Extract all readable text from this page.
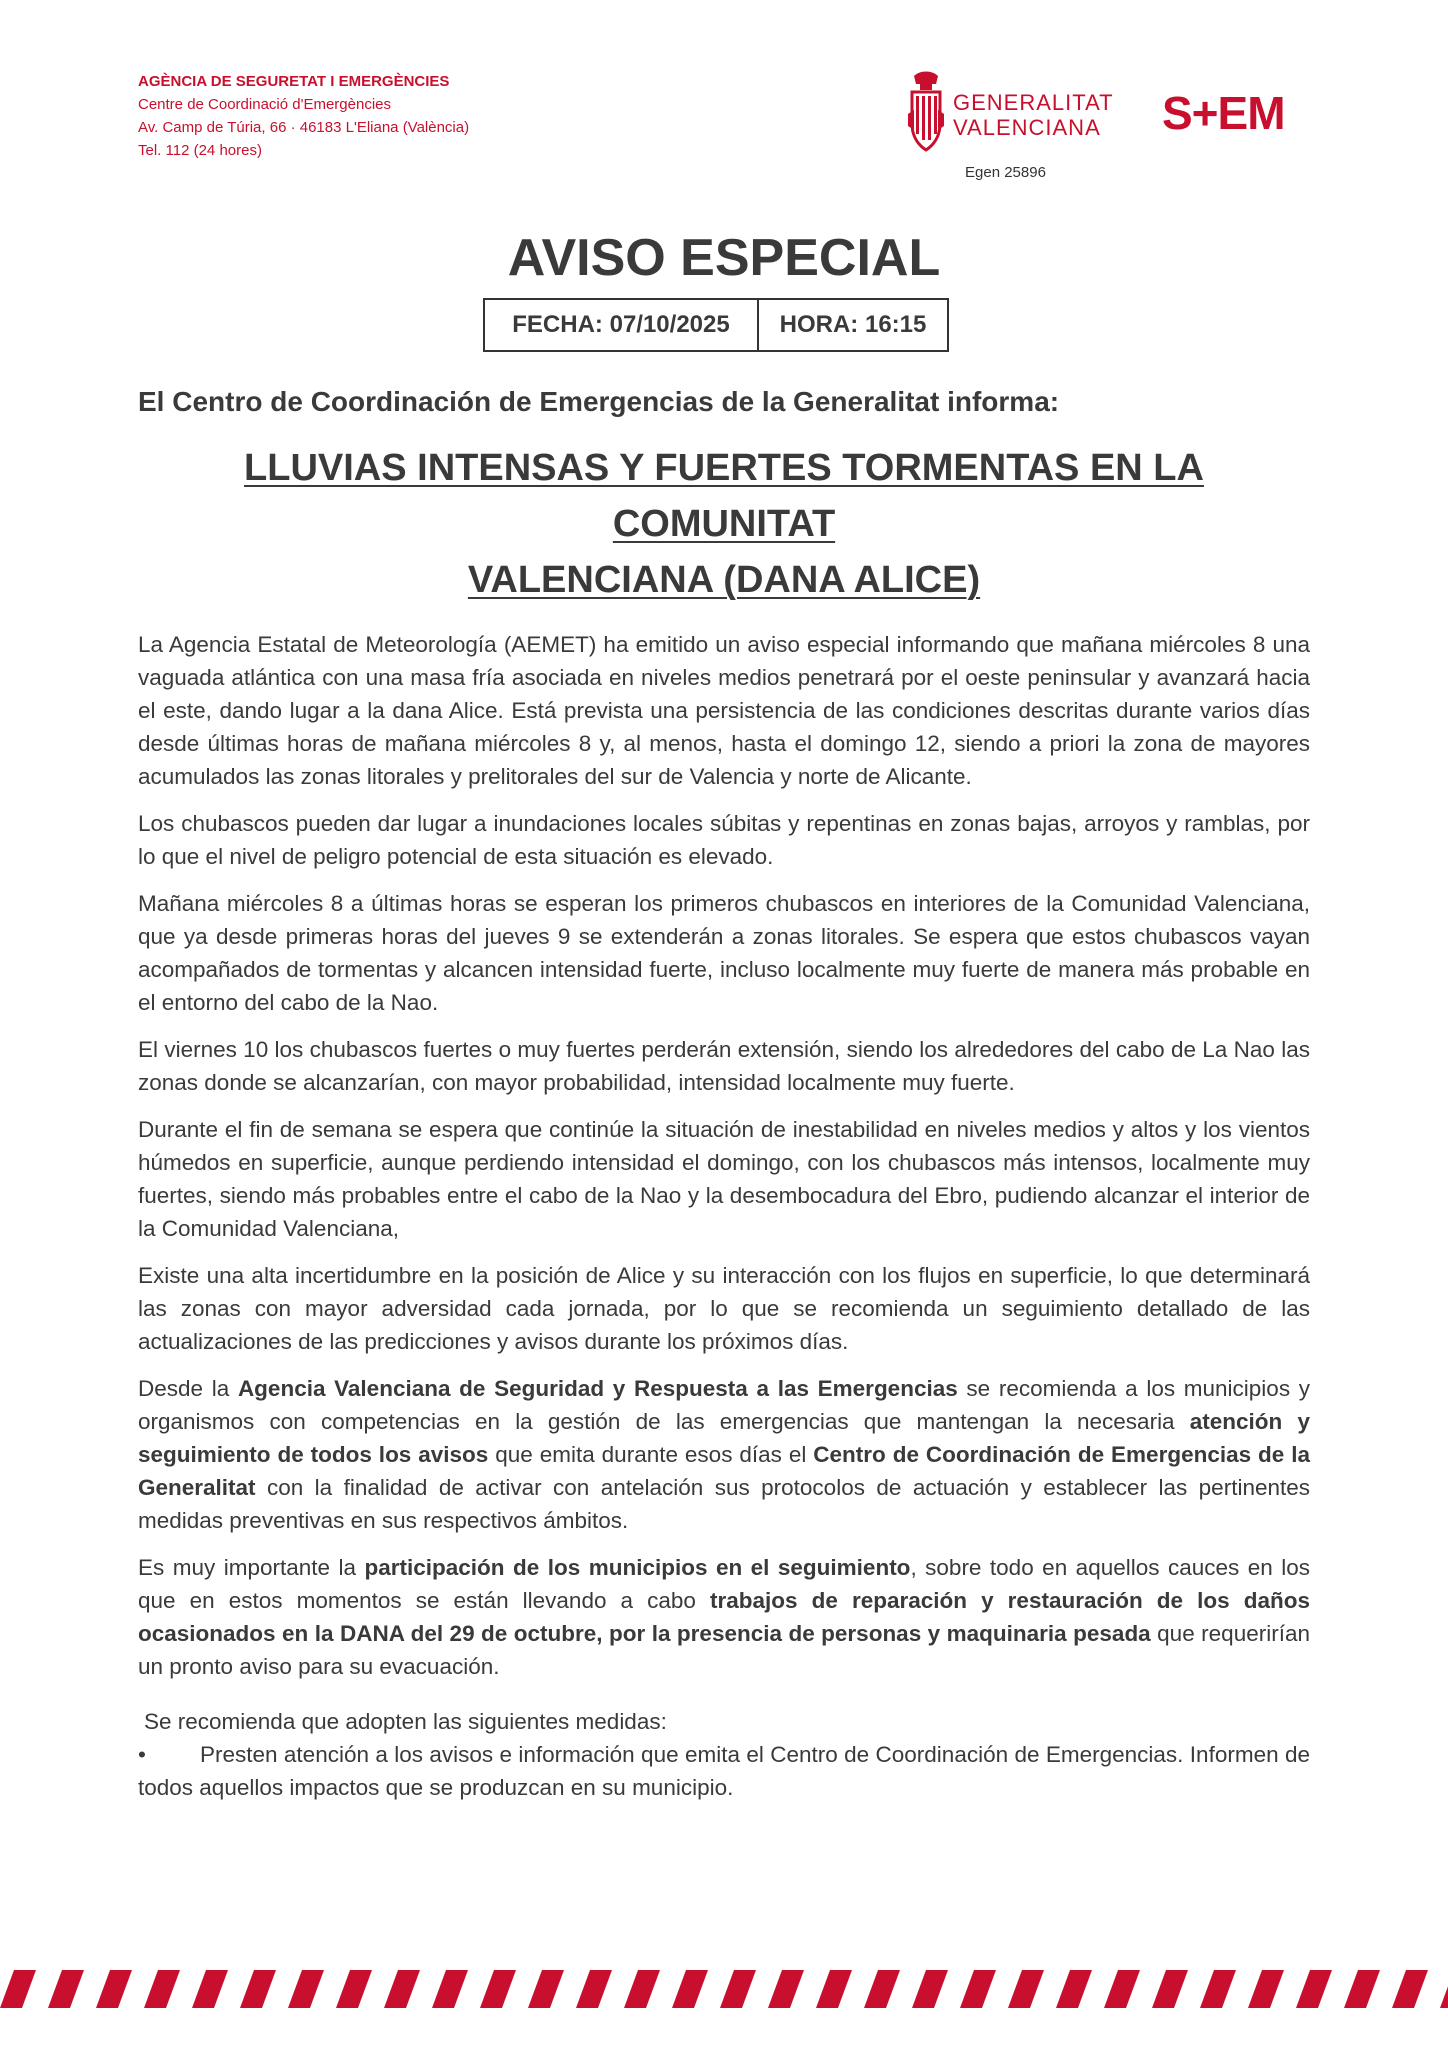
AGÈNCIA DE SEGURETAT I EMERGÈNCIES
Centre de Coordinació d'Emergències
Av. Camp de Túria, 66 · 46183 L'Eliana (València)
Tel. 112 (24 hores)
GENERALITAT
VALENCIANA S+EM
Egen 25896
AVISO ESPECIAL
FECHA: 07/10/2025	HORA: 16:15
El Centro de Coordinación de Emergencias de la Generalitat informa:
LLUVIAS INTENSAS Y FUERTES TORMENTAS EN LA COMUNITAT
VALENCIANA (DANA ALICE)

La Agencia Estatal de Meteorología (AEMET) ha emitido un aviso especial informando que mañana miércoles 8 una vaguada atlántica con una masa fría asociada en niveles medios penetrará por el oeste peninsular y avanzará hacia el este, dando lugar a la dana Alice. Está prevista una persistencia de las condiciones descritas durante varios días desde últimas horas de mañana miércoles 8 y, al menos, hasta el domingo 12, siendo a priori la zona de mayores acumulados las zonas litorales y prelitorales del sur de Valencia y norte de Alicante.

Los chubascos pueden dar lugar a inundaciones locales súbitas y repentinas en zonas bajas, arroyos y ramblas, por lo que el nivel de peligro potencial de esta situación es elevado.

Mañana miércoles 8 a últimas horas se esperan los primeros chubascos en interiores de la Comunidad Valenciana, que ya desde primeras horas del jueves 9 se extenderán a zonas litorales. Se espera que estos chubascos vayan acompañados de tormentas y alcancen intensidad fuerte, incluso localmente muy fuerte de manera más probable en el entorno del cabo de la Nao.

El viernes 10 los chubascos fuertes o muy fuertes perderán extensión, siendo los alrededores del cabo de La Nao las zonas donde se alcanzarían, con mayor probabilidad, intensidad localmente muy fuerte.

Durante el fin de semana se espera que continúe la situación de inestabilidad en niveles medios y altos y los vientos húmedos en superficie, aunque perdiendo intensidad el domingo, con los chubascos más intensos, localmente muy fuertes, siendo más probables entre el cabo de la Nao y la desembocadura del Ebro, pudiendo alcanzar el interior de la Comunidad Valenciana,

Existe una alta incertidumbre en la posición de Alice y su interacción con los flujos en superficie, lo que determinará las zonas con mayor adversidad cada jornada, por lo que se recomienda un seguimiento detallado de las actualizaciones de las predicciones y avisos durante los próximos días.

Desde la Agencia Valenciana de Seguridad y Respuesta a las Emergencias se recomienda a los municipios y organismos con competencias en la gestión de las emergencias que mantengan la necesaria atención y seguimiento de todos los avisos que emita durante esos días el Centro de Coordinación de Emergencias de la Generalitat con la finalidad de activar con antelación sus protocolos de actuación y establecer las pertinentes medidas preventivas en sus respectivos ámbitos.

Es muy importante la participación de los municipios en el seguimiento, sobre todo en aquellos cauces en los que en estos momentos se están llevando a cabo trabajos de reparación y restauración de los daños ocasionados en la DANA del 29 de octubre, por la presencia de personas y maquinaria pesada que requerirían un pronto aviso para su evacuación.

Se recomienda que adopten las siguientes medidas:

• Presten atención a los avisos e información que emita el Centro de Coordinación de Emergencias. Informen de todos aquellos impactos que se produzcan en su municipio.
